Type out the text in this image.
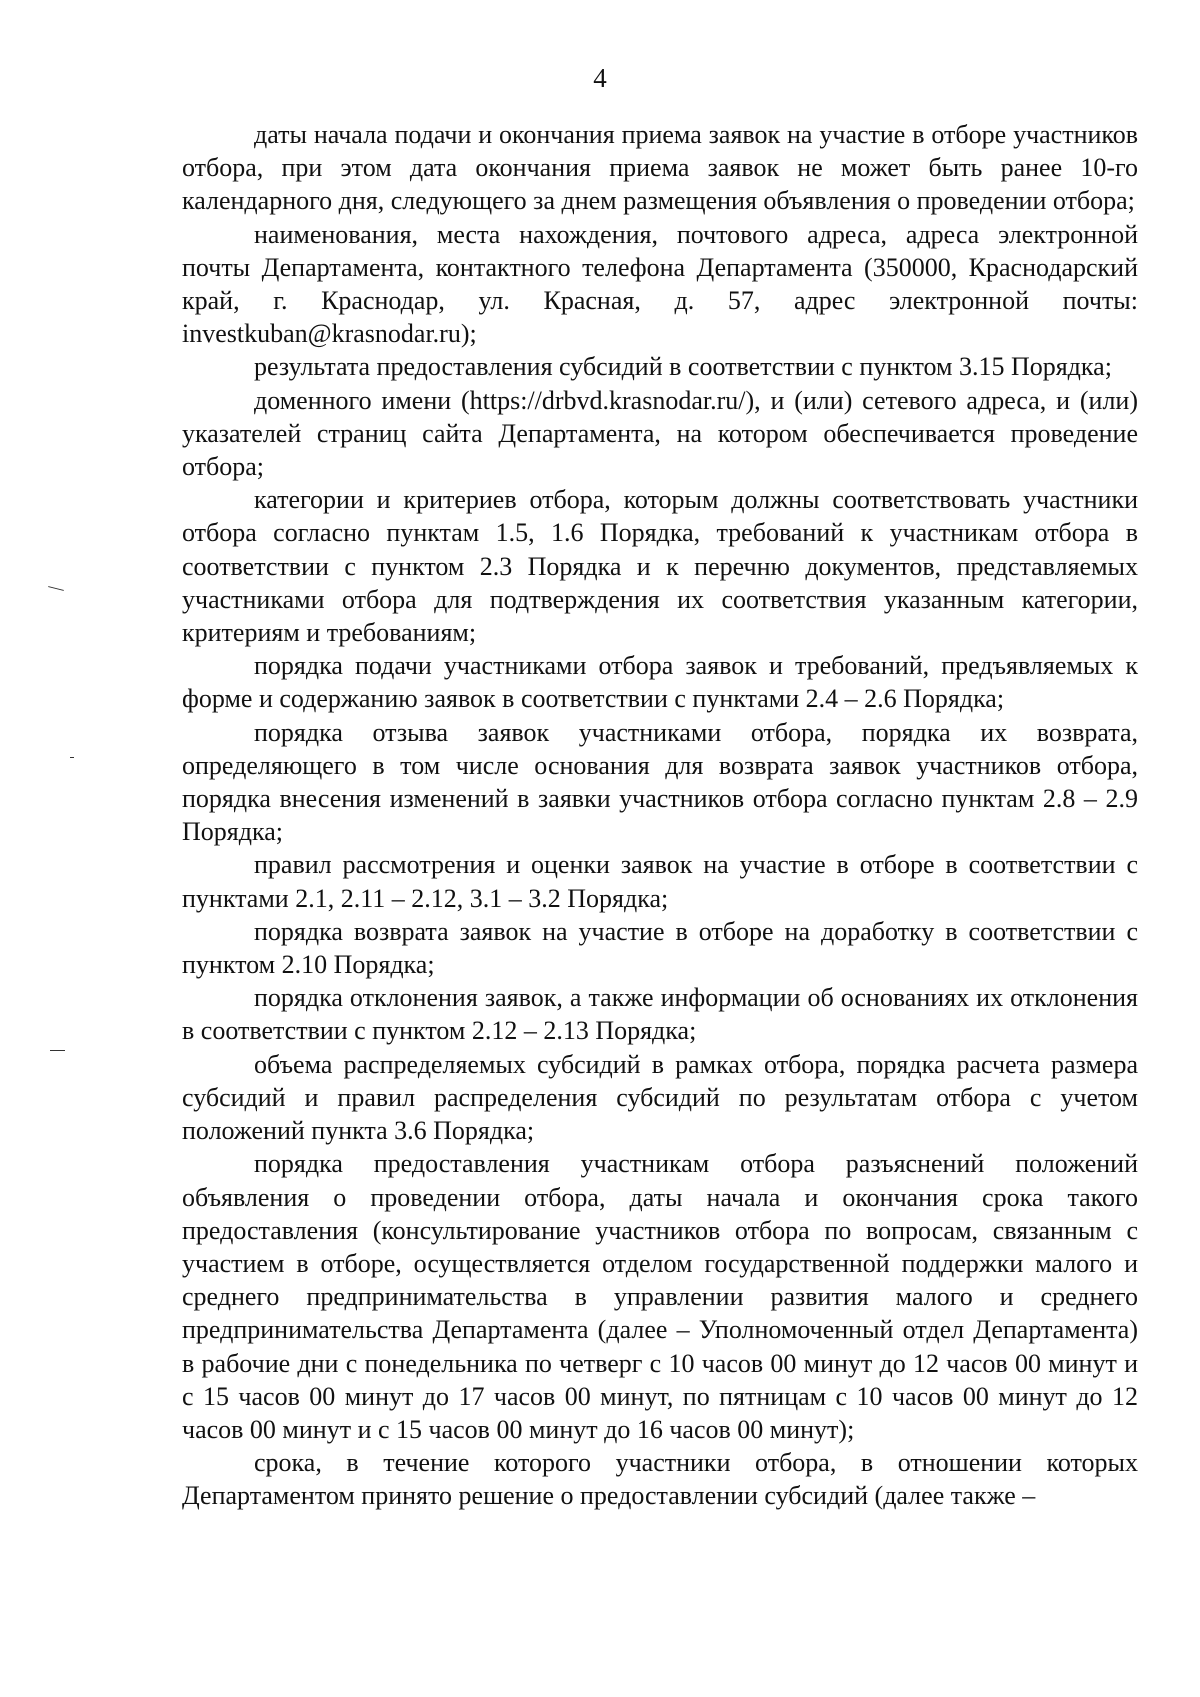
4

даты начала подачи и окончания приема заявок на участие в отборе участников отбора, при этом дата окончания приема заявок не может быть ранее 10-го календарного дня, следующего за днем размещения объявления о проведении отбора;

наименования, места нахождения, почтового адреса, адреса электронной почты Департамента, контактного телефона Департамента (350000, Краснодарский край, г. Краснодар, ул. Красная, д. 57, адрес электронной почты: investkuban@krasnodar.ru);

результата предоставления субсидий в соответствии с пунктом 3.15 Порядка;

доменного имени (https://drbvd.krasnodar.ru/), и (или) сетевого адреса, и (или) указателей страниц сайта Департамента, на котором обеспечивается проведение отбора;

категории и критериев отбора, которым должны соответствовать участники отбора согласно пунктам 1.5, 1.6 Порядка, требований к участникам отбора в соответствии с пунктом 2.3 Порядка и к перечню документов, представляемых участниками отбора для подтверждения их соответствия указанным категории, критериям и требованиям;

порядка подачи участниками отбора заявок и требований, предъявляемых к форме и содержанию заявок в соответствии с пунктами 2.4 – 2.6 Порядка;

порядка отзыва заявок участниками отбора, порядка их возврата, определяющего в том числе основания для возврата заявок участников отбора, порядка внесения изменений в заявки участников отбора согласно пунктам 2.8 – 2.9 Порядка;

правил рассмотрения и оценки заявок на участие в отборе в соответствии с пунктами 2.1, 2.11 – 2.12, 3.1 – 3.2 Порядка;

порядка возврата заявок на участие в отборе на доработку в соответствии с пунктом 2.10 Порядка;

порядка отклонения заявок, а также информации об основаниях их отклонения в соответствии с пунктом 2.12 – 2.13 Порядка;

объема распределяемых субсидий в рамках отбора, порядка расчета размера субсидий и правил распределения субсидий по результатам отбора с учетом положений пункта 3.6 Порядка;

порядка предоставления участникам отбора разъяснений положений объявления о проведении отбора, даты начала и окончания срока такого предоставления (консультирование участников отбора по вопросам, связанным с участием в отборе, осуществляется отделом государственной поддержки малого и среднего предпринимательства в управлении развития малого и среднего предпринимательства Департамента (далее – Уполномоченный отдел Департамента) в рабочие дни с понедельника по четверг с 10 часов 00 минут до 12 часов 00 минут и с 15 часов 00 минут до 17 часов 00 минут, по пятницам с 10 часов 00 минут до 12 часов 00 минут и с 15 часов 00 минут до 16 часов 00 минут);

срока, в течение которого участники отбора, в отношении которых Департаментом принято решение о предоставлении субсидий (далее также –
